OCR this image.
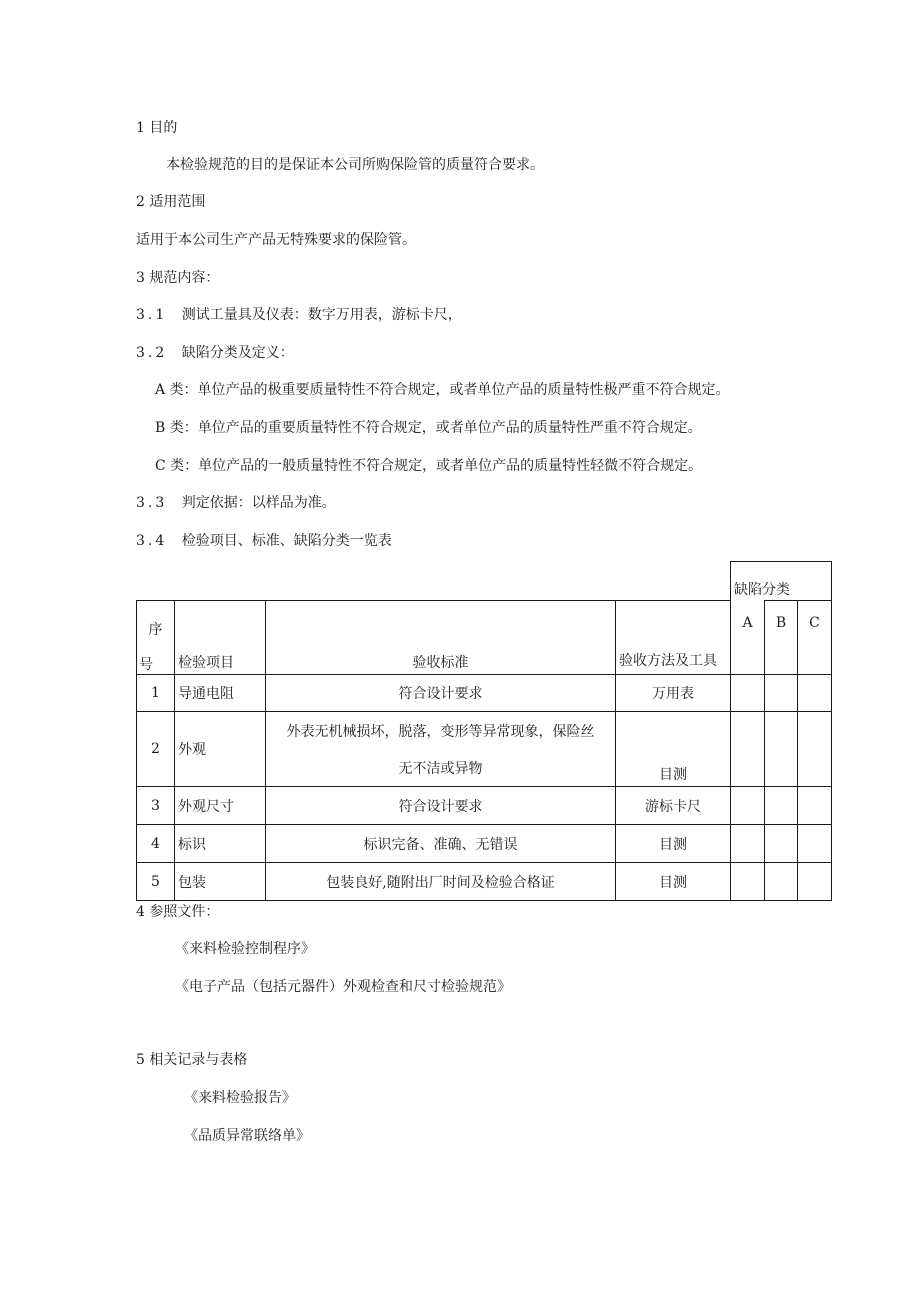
1 目的
本检验规范的目的是保证本公司所购保险管的质量符合要求。
2 适用范围
适用于本公司生产产品无特殊要求的保险管。
3 规范内容：
3.1 测试工量具及仪表：数字万用表，游标卡尺，
3.2 缺陷分类及定义：
A 类：单位产品的极重要质量特性不符合规定，或者单位产品的质量特性极严重不符合规定。
B 类：单位产品的重要质量特性不符合规定，或者单位产品的质量特性严重不符合规定。
C 类：单位产品的一般质量特性不符合规定，或者单位产品的质量特性轻微不符合规定。
3.3 判定依据：以样品为准。
3.4 检验项目、标准、缺陷分类一览表
				缺陷分类		

序
号	检验项目	验收标准	验收方法及工具	A	B	C
1	导通电阻	符合设计要求	万用表			
2	外观	外表无机械损坏，脱落，变形等异常现象，保险丝
无不洁或异物	目测			
3	外观尺寸	符合设计要求	游标卡尺			
4	标识	标识完备、准确、无错误	目测			
5	包装	包装良好,随附出厂时间及检验合格证	目测			
4 参照文件：
《来料检验控制程序》
《电子产品（包括元器件）外观检查和尺寸检验规范》
5 相关记录与表格
《来料检验报告》
《品质异常联络单》
